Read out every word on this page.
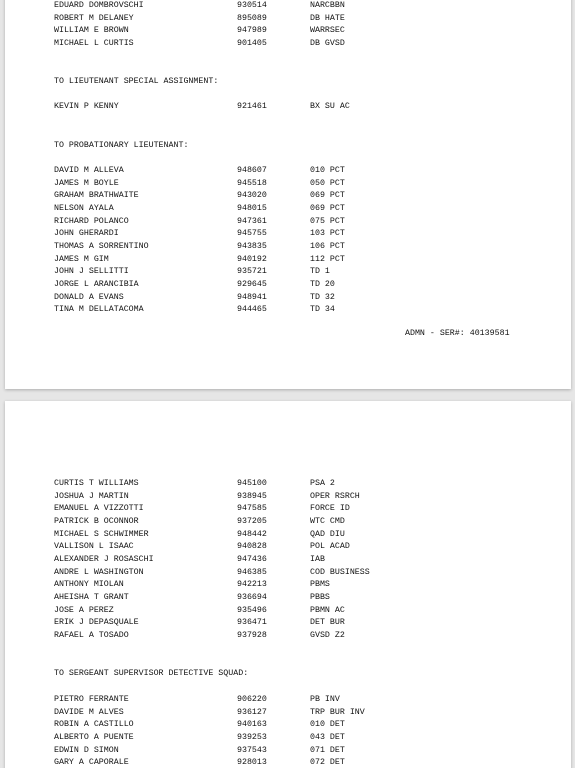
EDUARD DOMBROVSCHI	930514	NARCBBN
ROBERT M DELANEY	895089	DB HATE
WILLIAM E BROWN	947989	WARRSEC
MICHAEL L CURTIS	901405	DB GVSD
TO LIEUTENANT SPECIAL ASSIGNMENT:
KEVIN P KENNY	921461	BX SU AC
TO PROBATIONARY LIEUTENANT:
DAVID M ALLEVA	948607	010 PCT
JAMES M BOYLE	945518	050 PCT
GRAHAM BRATHWAITE	943020	069 PCT
NELSON AYALA	948015	069 PCT
RICHARD POLANCO	947361	075 PCT
JOHN GHERARDI	945755	103 PCT
THOMAS A SORRENTINO	943835	106 PCT
JAMES M GIM	940192	112 PCT
JOHN J SELLITTI	935721	TD 1
JORGE L ARANCIBIA	929645	TD 20
DONALD A EVANS	948941	TD 32
TINA M DELLATACOMA	944465	TD 34
ADMN - SER#: 40139581
CURTIS T WILLIAMS	945100	PSA 2
JOSHUA J MARTIN	938945	OPER RSRCH
EMANUEL A VIZZOTTI	947585	FORCE ID
PATRICK B OCONNOR	937205	WTC CMD
MICHAEL S SCHWIMMER	948442	QAD DIU
VALLISON L ISAAC	940828	POL ACAD
ALEXANDER J ROSASCHI	947436	IAB
ANDRE L WASHINGTON	946385	COD BUSINESS
ANTHONY MIOLAN	942213	PBMS
AHEISHA T GRANT	936694	PBBS
JOSE A PEREZ	935496	PBMN AC
ERIK J DEPASQUALE	936471	DET BUR
RAFAEL A TOSADO	937928	GVSD Z2
TO SERGEANT SUPERVISOR DETECTIVE SQUAD:
PIETRO FERRANTE	906220	PB INV
DAVIDE M ALVES	936127	TRP BUR INV
ROBIN A CASTILLO	940163	010 DET
ALBERTO A PUENTE	939253	043 DET
EDWIN D SIMON	937543	071 DET
GARY A CAPORALE	928013	072 DET
